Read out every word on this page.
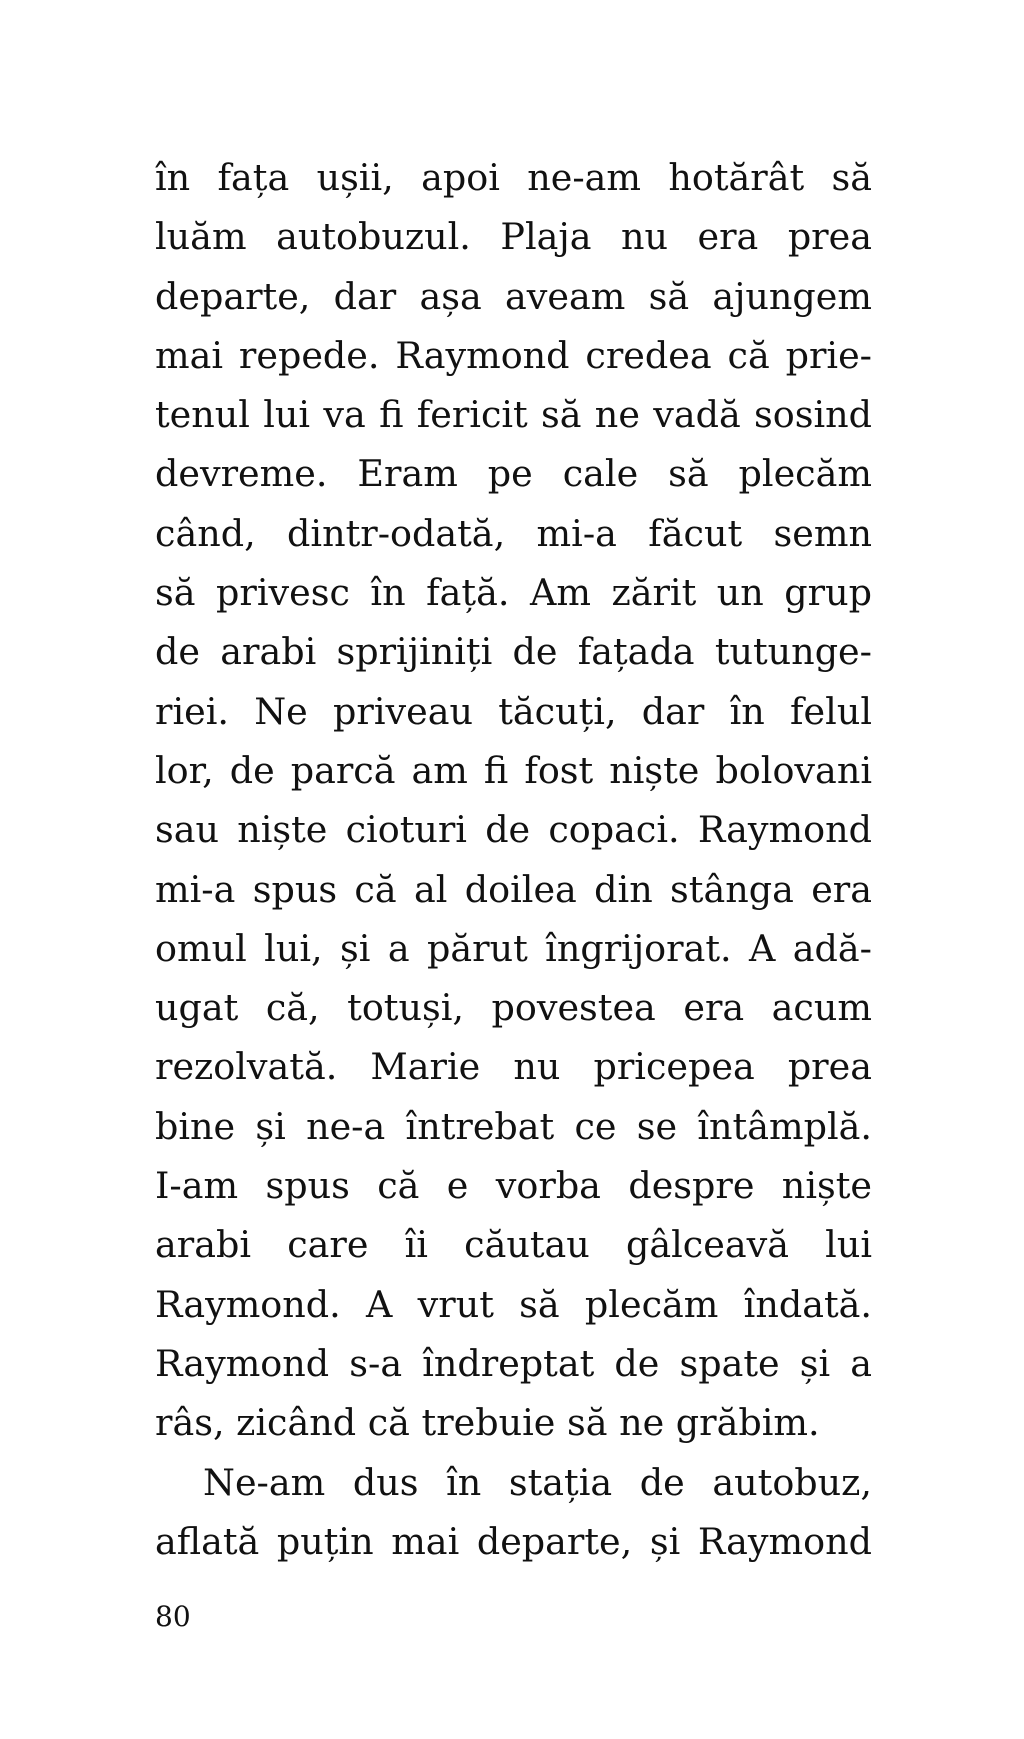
în fața ușii, apoi ne-am hotărât să
luăm autobuzul. Plaja nu era prea
departe, dar așa aveam să ajungem
mai repede. Raymond credea că prie-
tenul lui va fi fericit să ne vadă sosind
devreme. Eram pe cale să plecăm
când, dintr-odată, mi-a făcut semn
să privesc în față. Am zărit un grup
de arabi sprijiniți de fațada tutunge-
riei. Ne priveau tăcuți, dar în felul
lor, de parcă am fi fost niște bolovani
sau niște cioturi de copaci. Raymond
mi-a spus că al doilea din stânga era
omul lui, și a părut îngrijorat. A adă-
ugat că, totuși, povestea era acum
rezolvată. Marie nu pricepea prea
bine și ne-a întrebat ce se întâmplă.
I-am spus că e vorba despre niște
arabi care îi căutau gâlceavă lui
Raymond. A vrut să plecăm îndată.
Raymond s-a îndreptat de spate și a
râs, zicând că trebuie să ne grăbim.
Ne-am dus în stația de autobuz,
aflată puțin mai departe, și Raymond
80
